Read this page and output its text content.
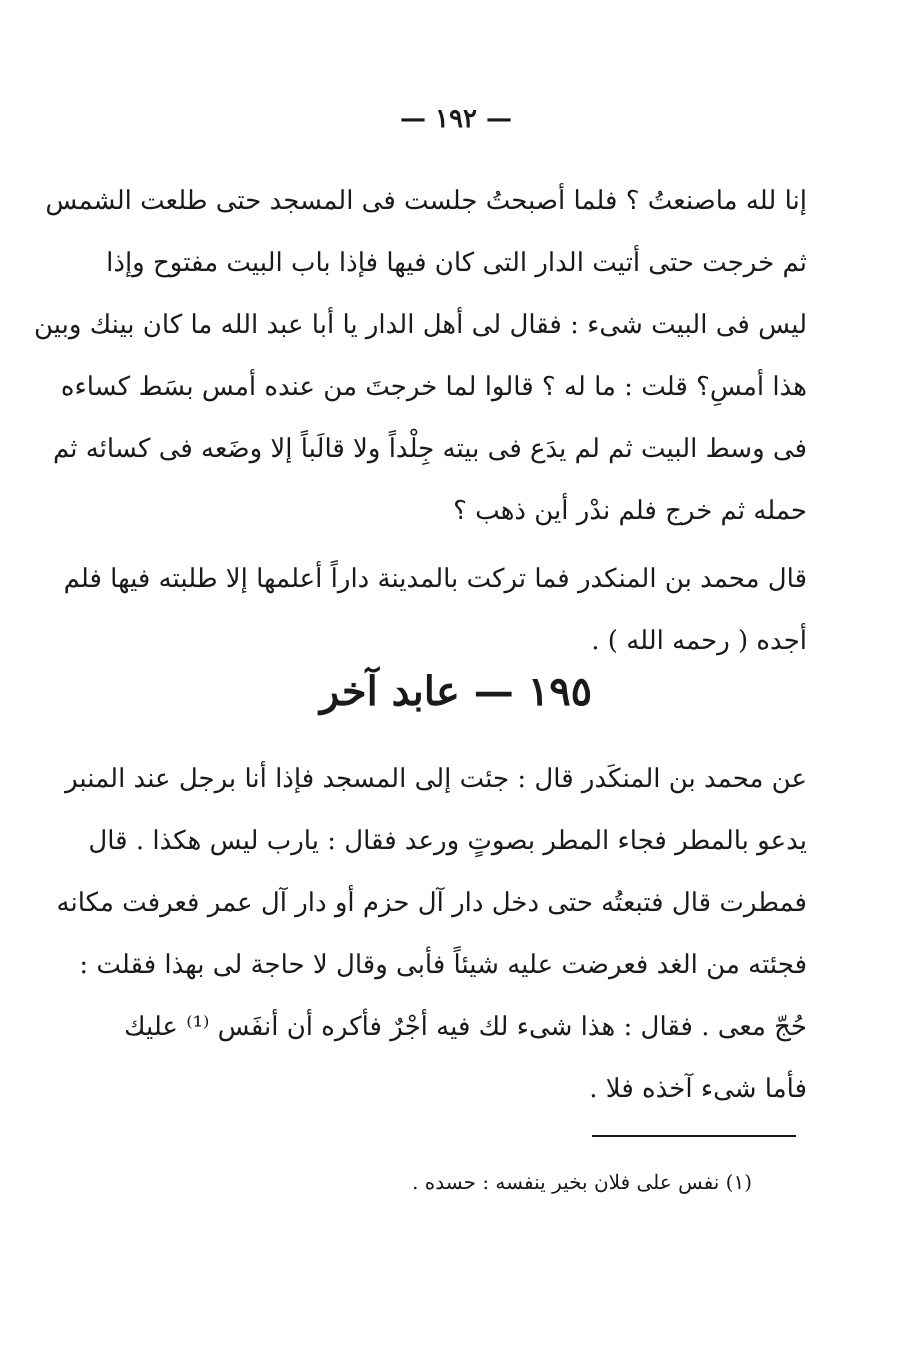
— ١٩٢ —
إنا لله ماصنعتُ ؟ فلما أصبحتُ جلست فى المسجد حتى طلعت الشمس
ثم خرجت حتى أتيت الدار التى كان فيها فإذا باب البيت مفتوح وإذا
ليس فى البيت شىء : فقال لى أهل الدار يا أبا عبد الله ما كان بينك وبين
هذا أمسِ؟ قلت : ما له ؟ قالوا لما خرجتَ من عنده أمس بسَط كساءه
فى وسط البيت ثم لم يدَع فى بيته جِلْداً ولا قالَباً إلا وضَعه فى كسائه ثم
حمله ثم خرج فلم ندْر أين ذهب ؟
قال محمد بن المنكدر فما تركت بالمدينة داراً أعلمها إلا طلبته فيها فلم
أجده ( رحمه الله ) .
١٩٥ — عابد آخر
عن محمد بن المنكَدر قال : جئت إلى المسجد فإذا أنا برجل عند المنبر
يدعو بالمطر فجاء المطر بصوتٍ ورعد فقال : يارب ليس هكذا . قال
فمطرت قال فتبعتُه حتى دخل دار آل حزم أو دار آل عمر فعرفت مكانه
فجئته من الغد فعرضت عليه شيئاً فأبى وقال لا حاجة لى بهذا فقلت :
حُجّ معى . فقال : هذا شىء لك فيه أجْرٌ فأكره أن أنفَس ⁽¹⁾ عليك
فأما شىء آخذه فلا .
(١) نفس على فلان بخير ينفسه : حسده .
